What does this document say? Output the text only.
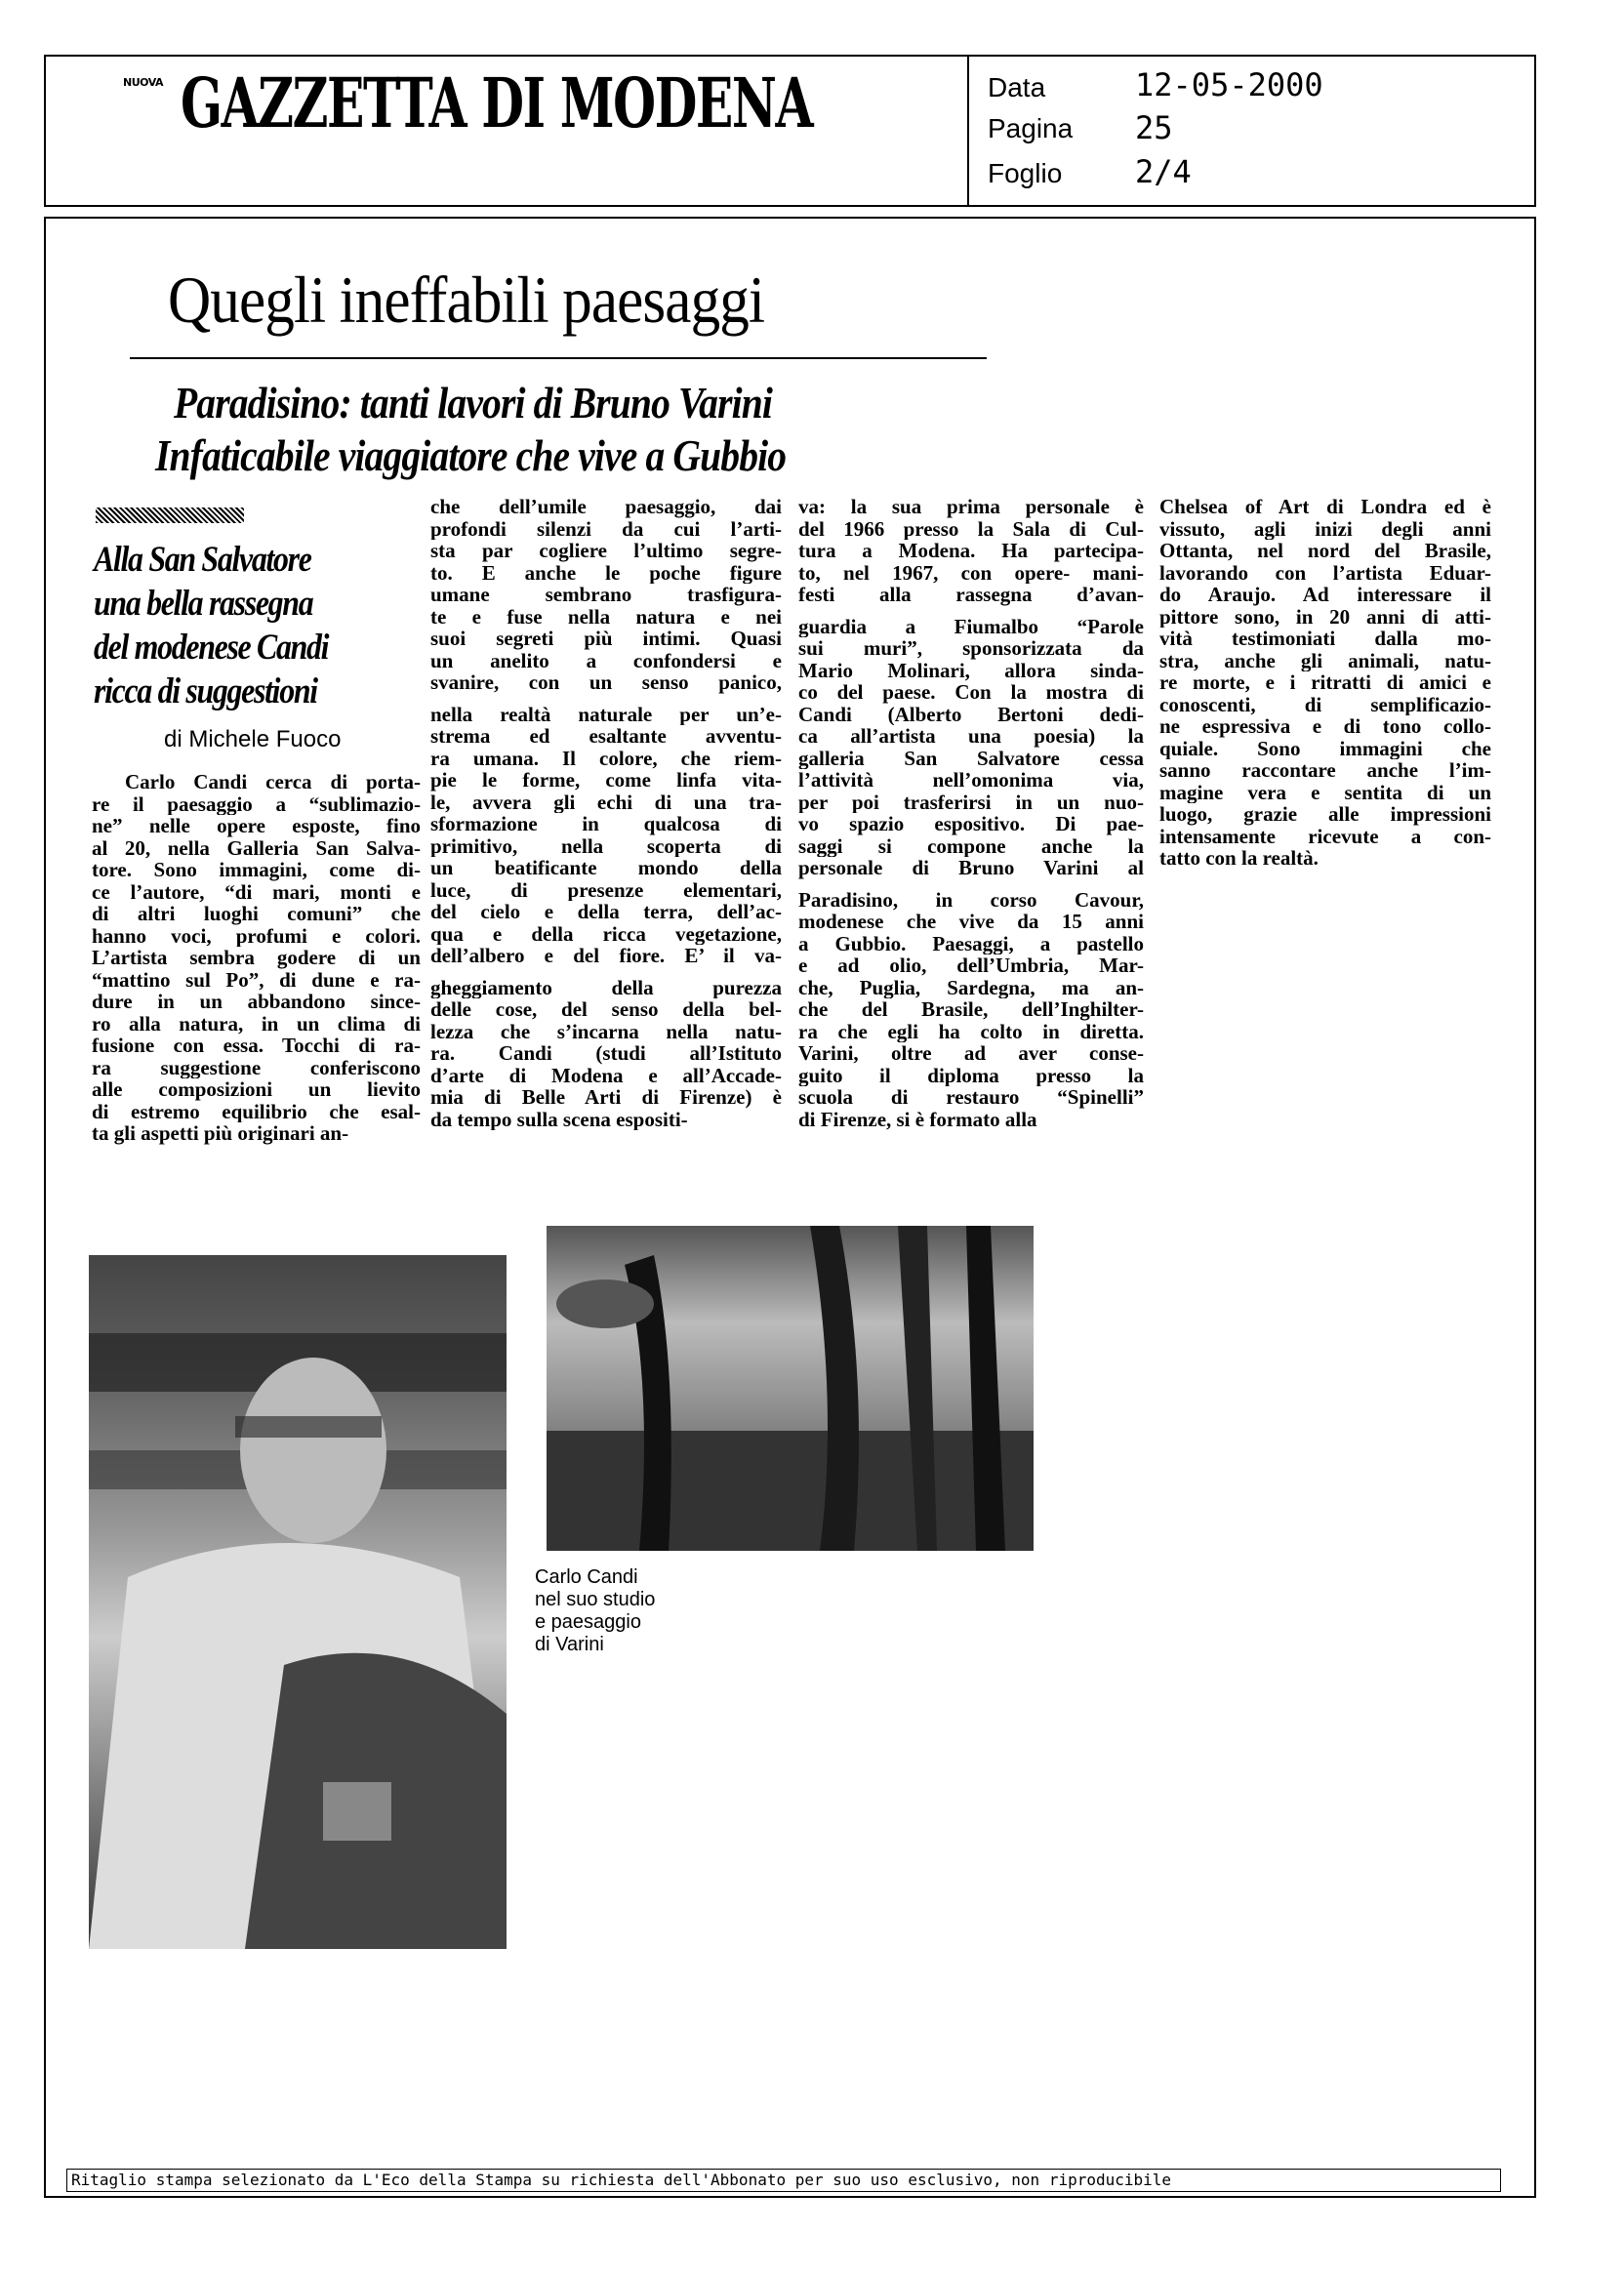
NUOVA GAZZETTA DI MODENA	Data	12-05-2000
Pagina 25
Foglio 2/4
Quegli ineffabili paesaggi
Paradisino: tanti lavori di Bruno Varini
Infaticabile viaggiatore che vive a Gubbio
Alla San Salvatore
una bella rassegna
del modenese Candi
ricca di suggestioni
di Michele Fuoco
Carlo Candi cerca di porta-
re il paesaggio a “sublimazio-
ne” nelle opere esposte, fino
al 20, nella Galleria San Salva-
tore. Sono immagini, come di-
ce l’autore, “di mari, monti e
di altri luoghi comuni” che
hanno voci, profumi e colori.
L’artista sembra godere di un
“mattino sul Po”, di dune e ra-
dure in un abbandono since-
ro alla natura, in un clima di
fusione con essa. Tocchi di ra-
ra suggestione conferiscono
alle composizioni un lievito
di estremo equilibrio che esal-
ta gli aspetti più originari an-
che dell’umile paesaggio, dai
profondi silenzi da cui l’arti-
sta par cogliere l’ultimo segre-
to. E anche le poche figure
umane sembrano trasfigura-
te e fuse nella natura e nei
suoi segreti più intimi. Quasi
un anelito a confondersi e
svanire, con un senso panico,
nella realtà naturale per un’e-
strema ed esaltante avventu-
ra umana. Il colore, che riem-
pie le forme, come linfa vita-
le, avvera gli echi di una tra-
sformazione in qualcosa di
primitivo, nella scoperta di
un beatificante mondo della
luce, di presenze elementari,
del cielo e della terra, dell’ac-
qua e della ricca vegetazione,
dell’albero e del fiore. E’ il va-
gheggiamento della purezza
delle cose, del senso della bel-
lezza che s’incarna nella natu-
ra. Candi (studi all’Istituto
d’arte di Modena e all’Accade-
mia di Belle Arti di Firenze) è
da tempo sulla scena espositi-
va: la sua prima personale è
del 1966 presso la Sala di Cul-
tura a Modena. Ha partecipa-
to, nel 1967, con opere- mani-
festi alla rassegna d’avan-
guardia a Fiumalbo “Parole
sui muri”, sponsorizzata da
Mario Molinari, allora sinda-
co del paese. Con la mostra di
Candi (Alberto Bertoni dedi-
ca all’artista una poesia) la
galleria San Salvatore cessa
l’attività nell’omonima via,
per poi trasferirsi in un nuo-
vo spazio espositivo. Di pae-
saggi si compone anche la
personale di Bruno Varini al
Paradisino, in corso Cavour,
modenese che vive da 15 anni
a Gubbio. Paesaggi, a pastello
e ad olio, dell’Umbria, Mar-
che, Puglia, Sardegna, ma an-
che del Brasile, dell’Inghilter-
ra che egli ha colto in diretta.
Varini, oltre ad aver conse-
guito il diploma presso la
scuola di restauro “Spinelli”
di Firenze, si è formato alla
Chelsea of Art di Londra ed è
vissuto, agli inizi degli anni
Ottanta, nel nord del Brasile,
lavorando con l’artista Eduar-
do Araujo. Ad interessare il
pittore sono, in 20 anni di atti-
vità testimoniati dalla mo-
stra, anche gli animali, natu-
re morte, e i ritratti di amici e
conoscenti, di semplificazio-
ne espressiva e di tono collo-
quiale. Sono immagini che
sanno raccontare anche l’im-
magine vera e sentita di un
luogo, grazie alle impressioni
intensamente ricevute a con-
tatto con la realtà.
Carlo Candi
nel suo studio
e paesaggio
di Varini
Ritaglio stampa selezionato da L'Eco della Stampa su richiesta dell'Abbonato per suo uso esclusivo, non riproducibile
